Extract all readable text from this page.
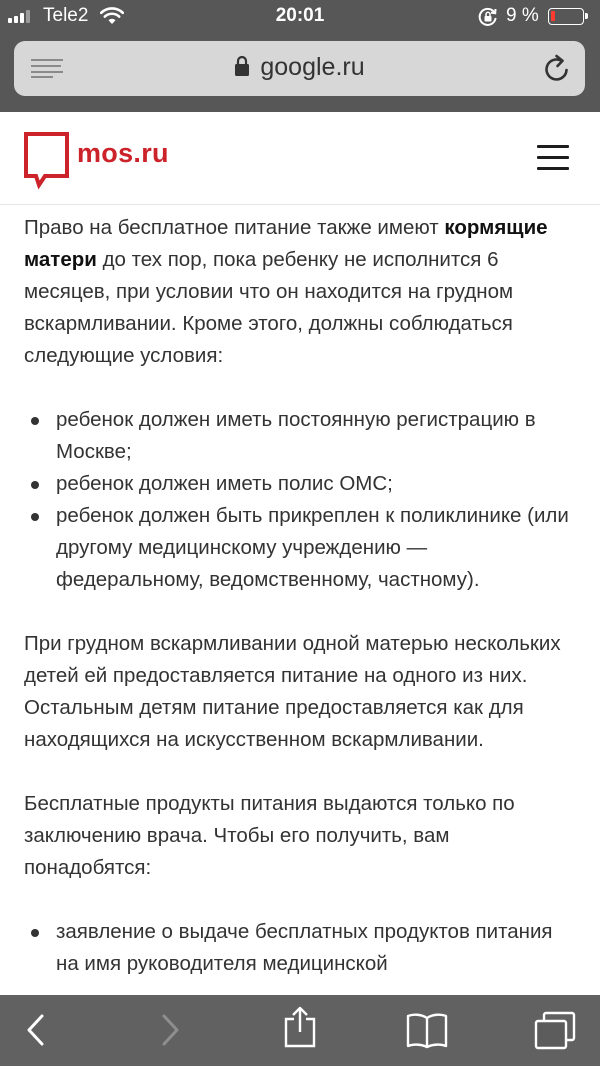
Tele2	20:01	9 %
google.ru
mos.ru

Право на бесплатное питание также имеют кормящие матери до тех пор, пока ребенку не исполнится 6 месяцев, при условии что он находится на грудном вскармливании. Кроме этого, должны соблюдаться следующие условия:

ребенок должен иметь постоянную регистрацию в Москве;
ребенок должен иметь полис ОМС;
ребенок должен быть прикреплен к поликлинике (или другому медицинскому учреждению — федеральному, ведомственному, частному).

При грудном вскармливании одной матерью нескольких детей ей предоставляется питание на одного из них. Остальным детям питание предоставляется как для находящихся на искусственном вскармливании.

Бесплатные продукты питания выдаются только по заключению врача. Чтобы его получить, вам понадобятся:

заявление о выдаче бесплатных продуктов питания на имя руководителя медицинской
